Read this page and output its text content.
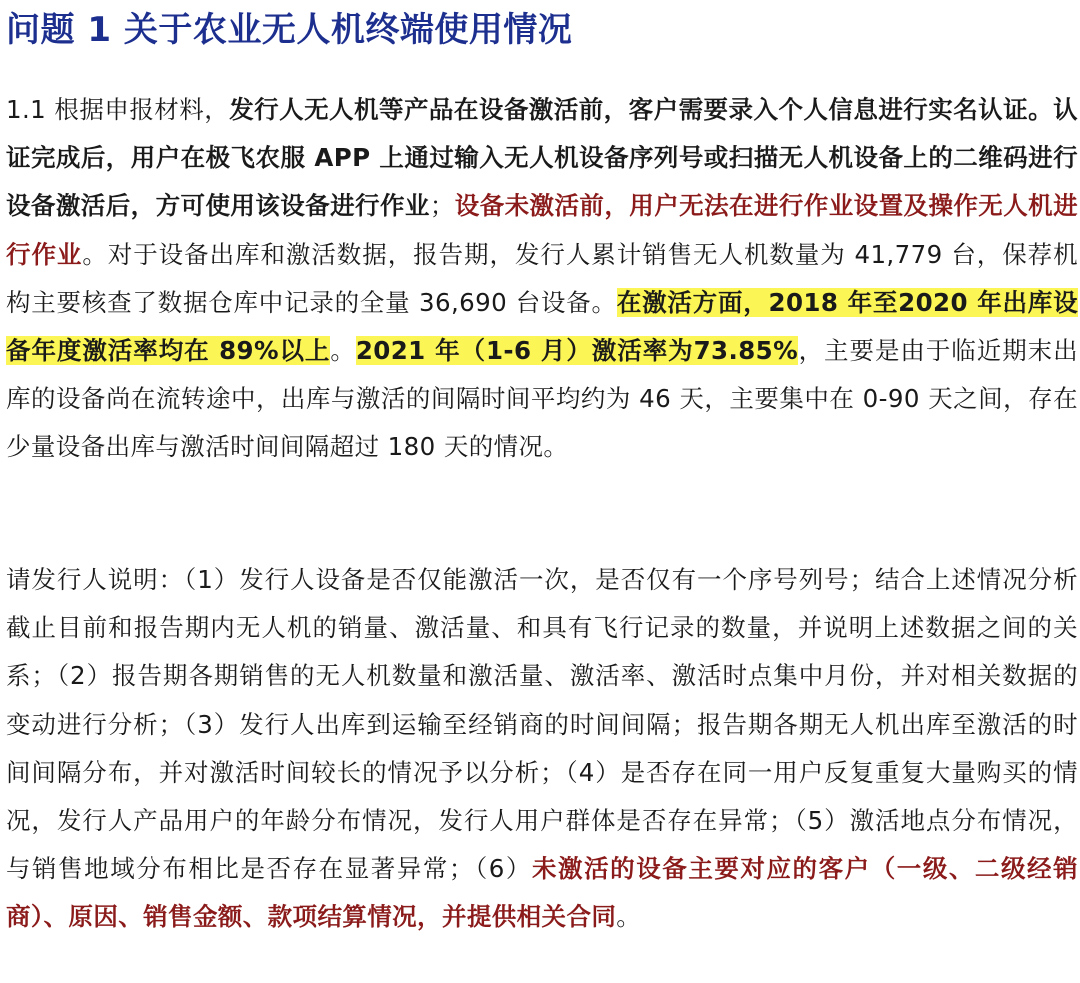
问题 1 关于农业无人机终端使用情况

1.1 根据申报材料，发行人无人机等产品在设备激活前，客户需要录入个人信息进行实名认证。认证完成后，用户在极飞农服 APP 上通过输入无人机设备序列号或扫描无人机设备上的二维码进行设备激活后，方可使用该设备进行作业；设备未激活前，用户无法在进行作业设置及操作无人机进行作业。对于设备出库和激活数据，报告期，发行人累计销售无人机数量为 41,779 台，保荐机构主要核查了数据仓库中记录的全量 36,690 台设备。在激活方面，2018 年至2020 年出库设备年度激活率均在 89%以上。2021 年（1-6 月）激活率为73.85%，主要是由于临近期末出库的设备尚在流转途中，出库与激活的间隔时间平均约为 46 天，主要集中在 0-90 天之间，存在少量设备出库与激活时间间隔超过 180 天的情况。

请发行人说明：（1）发行人设备是否仅能激活一次，是否仅有一个序号列号；结合上述情况分析截止目前和报告期内无人机的销量、激活量、和具有飞行记录的数量，并说明上述数据之间的关系；（2）报告期各期销售的无人机数量和激活量、激活率、激活时点集中月份，并对相关数据的变动进行分析；（3）发行人出库到运输至经销商的时间间隔；报告期各期无人机出库至激活的时间间隔分布，并对激活时间较长的情况予以分析；（4）是否存在同一用户反复重复大量购买的情况，发行人产品用户的年龄分布情况，发行人用户群体是否存在异常；（5）激活地点分布情况，与销售地域分布相比是否存在显著异常；（6）未激活的设备主要对应的客户（一级、二级经销商）、原因、销售金额、款项结算情况，并提供相关合同。
